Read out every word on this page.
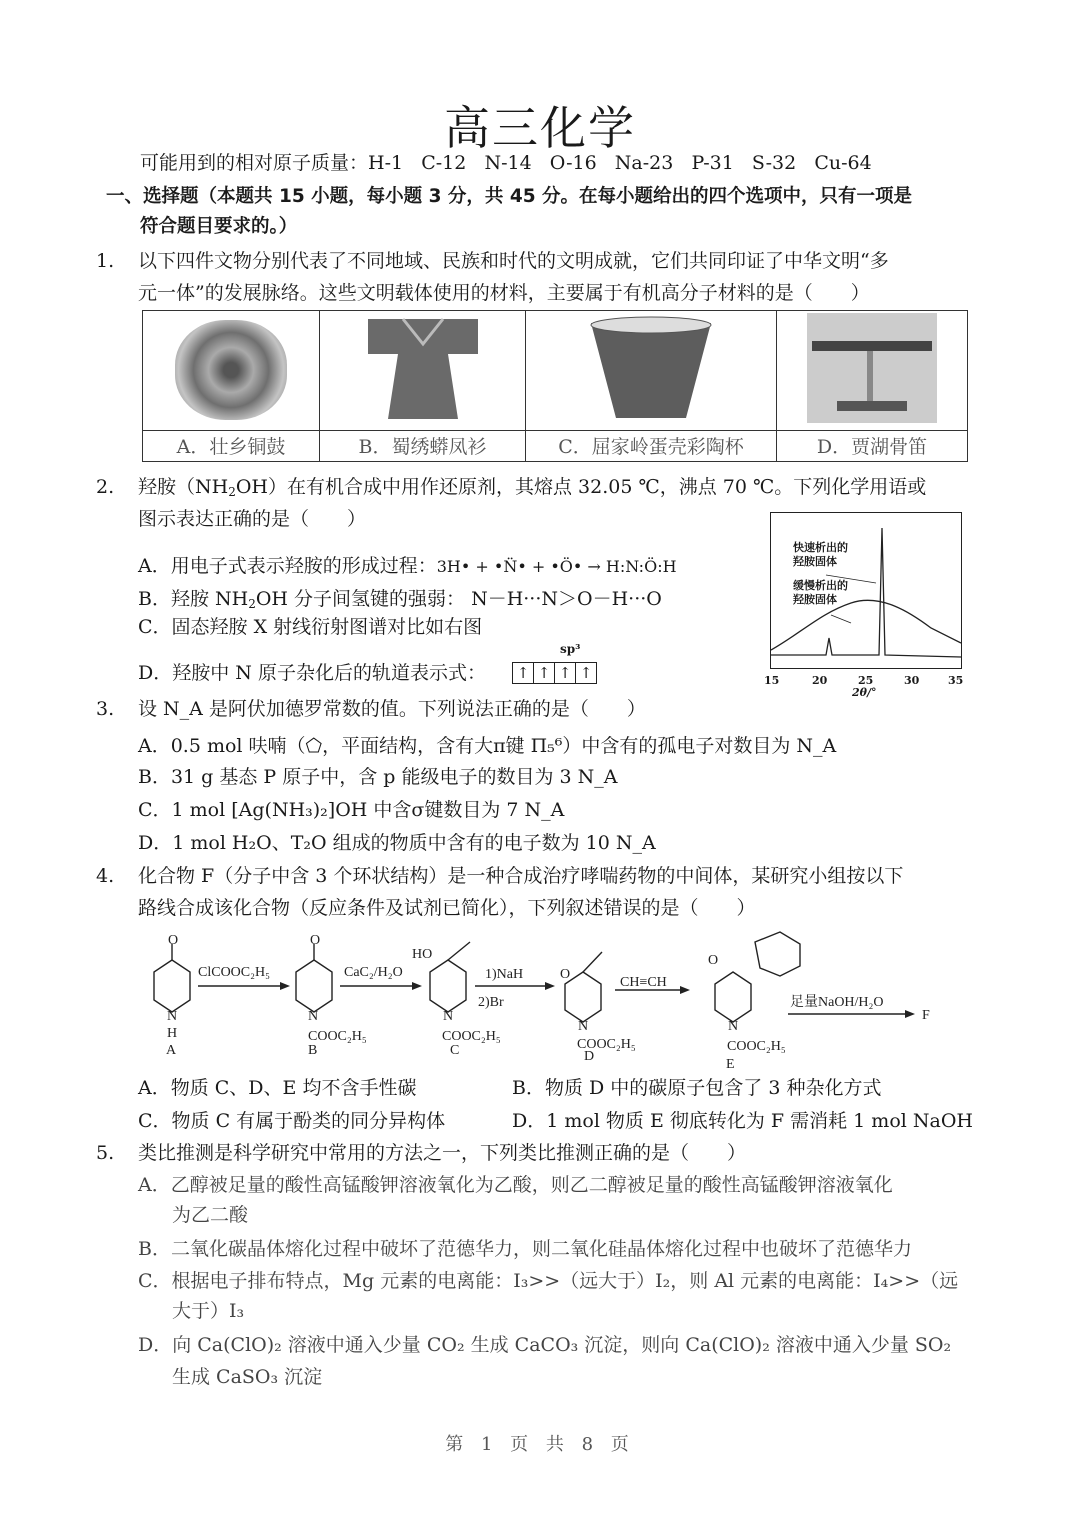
高三化学
可能用到的相对原子质量：H-1   C-12   N-14   O-16   Na-23   P-31   S-32   Cu-64
一、选择题（本题共 15 小题，每小题 3 分，共 45 分。在每小题给出的四个选项中，只有一项是
符合题目要求的。）
1. 以下四件文物分别代表了不同地域、民族和时代的文明成就，它们共同印证了中华文明“多
元一体”的发展脉络。这些文明载体使用的材料，主要属于有机高分子材料的是（　　）

A．壮乡铜鼓	B．蜀绣蟒凤衫	C．屈家岭蛋壳彩陶杯	D．贾湖骨笛
2. 羟胺$(NH_2OH)$在有机合成中用作还原剂，其熔点 32.05 ℃，沸点 70 ℃。下列化学用语或
图示表达正确的是（　　）
A．用电子式表示羟胺的形成过程：3H• + •N̈• + •Ö• → H:N:Ö:H
B．羟胺 $NH_2OH$ 分子间氢键的强弱： N－H···N＞O－H···O
C．固态羟胺 X 射线衍射图谱对比如右图
D．羟胺中 N 原子杂化后的轨道表示式：
sp³
↑ ↑ ↑ ↑
快速析出的
羟胺固体
缓慢析出的
羟胺固体
15	20	25	30	35
2θ/°
3. 设 N_A 是阿伏加德罗常数的值。下列说法正确的是（　　）
A．0.5 mol 呋喃（⬠，平面结构，含有大π键 Π₅⁶）中含有的孤电子对数目为 N_A
B．31 g 基态 P 原子中，含 p 能级电子的数目为 3 N_A
C．1 mol [Ag(NH₃)₂]OH 中含σ键数目为 7 N_A
D．1 mol H₂O、T₂O 组成的物质中含有的电子数为 10 N_A
4. 化合物 F（分子中含 3 个环状结构）是一种合成治疗哮喘药物的中间体，某研究小组按以下
路线合成该化合物（反应条件及试剂已简化），下列叙述错误的是（　　）
O
N
H
A
ClCOOC₂H₅
O
N
COOC₂H₅
B
CaC₂/H₂O
HO
N
COOC₂H₅
C
1)NaH
2)Br
O
N
COOC₂H₅
D
CH≡CH
O
N
COOC₂H₅
E
足量NaOH/H₂O
F
A．物质 C、D、E 均不含手性碳	B．物质 D 中的碳原子包含了 3 种杂化方式
C．物质 C 有属于酚类的同分异构体	D．1 mol 物质 E 彻底转化为 F 需消耗 1 mol NaOH
5. 类比推测是科学研究中常用的方法之一，下列类比推测正确的是（　　）
A．乙醇被足量的酸性高锰酸钾溶液氧化为乙酸，则乙二醇被足量的酸性高锰酸钾溶液氧化
为乙二酸
B．二氧化碳晶体熔化过程中破坏了范德华力，则二氧化硅晶体熔化过程中也破坏了范德华力
C．根据电子排布特点，Mg 元素的电离能：I₃>>（远大于）I₂，则 Al 元素的电离能：I₄>>（远
大于）I₃
D．向 Ca(ClO)₂ 溶液中通入少量 CO₂ 生成 CaCO₃ 沉淀，则向 Ca(ClO)₂ 溶液中通入少量 SO₂
生成 CaSO₃ 沉淀
第 1 页 共 8 页
